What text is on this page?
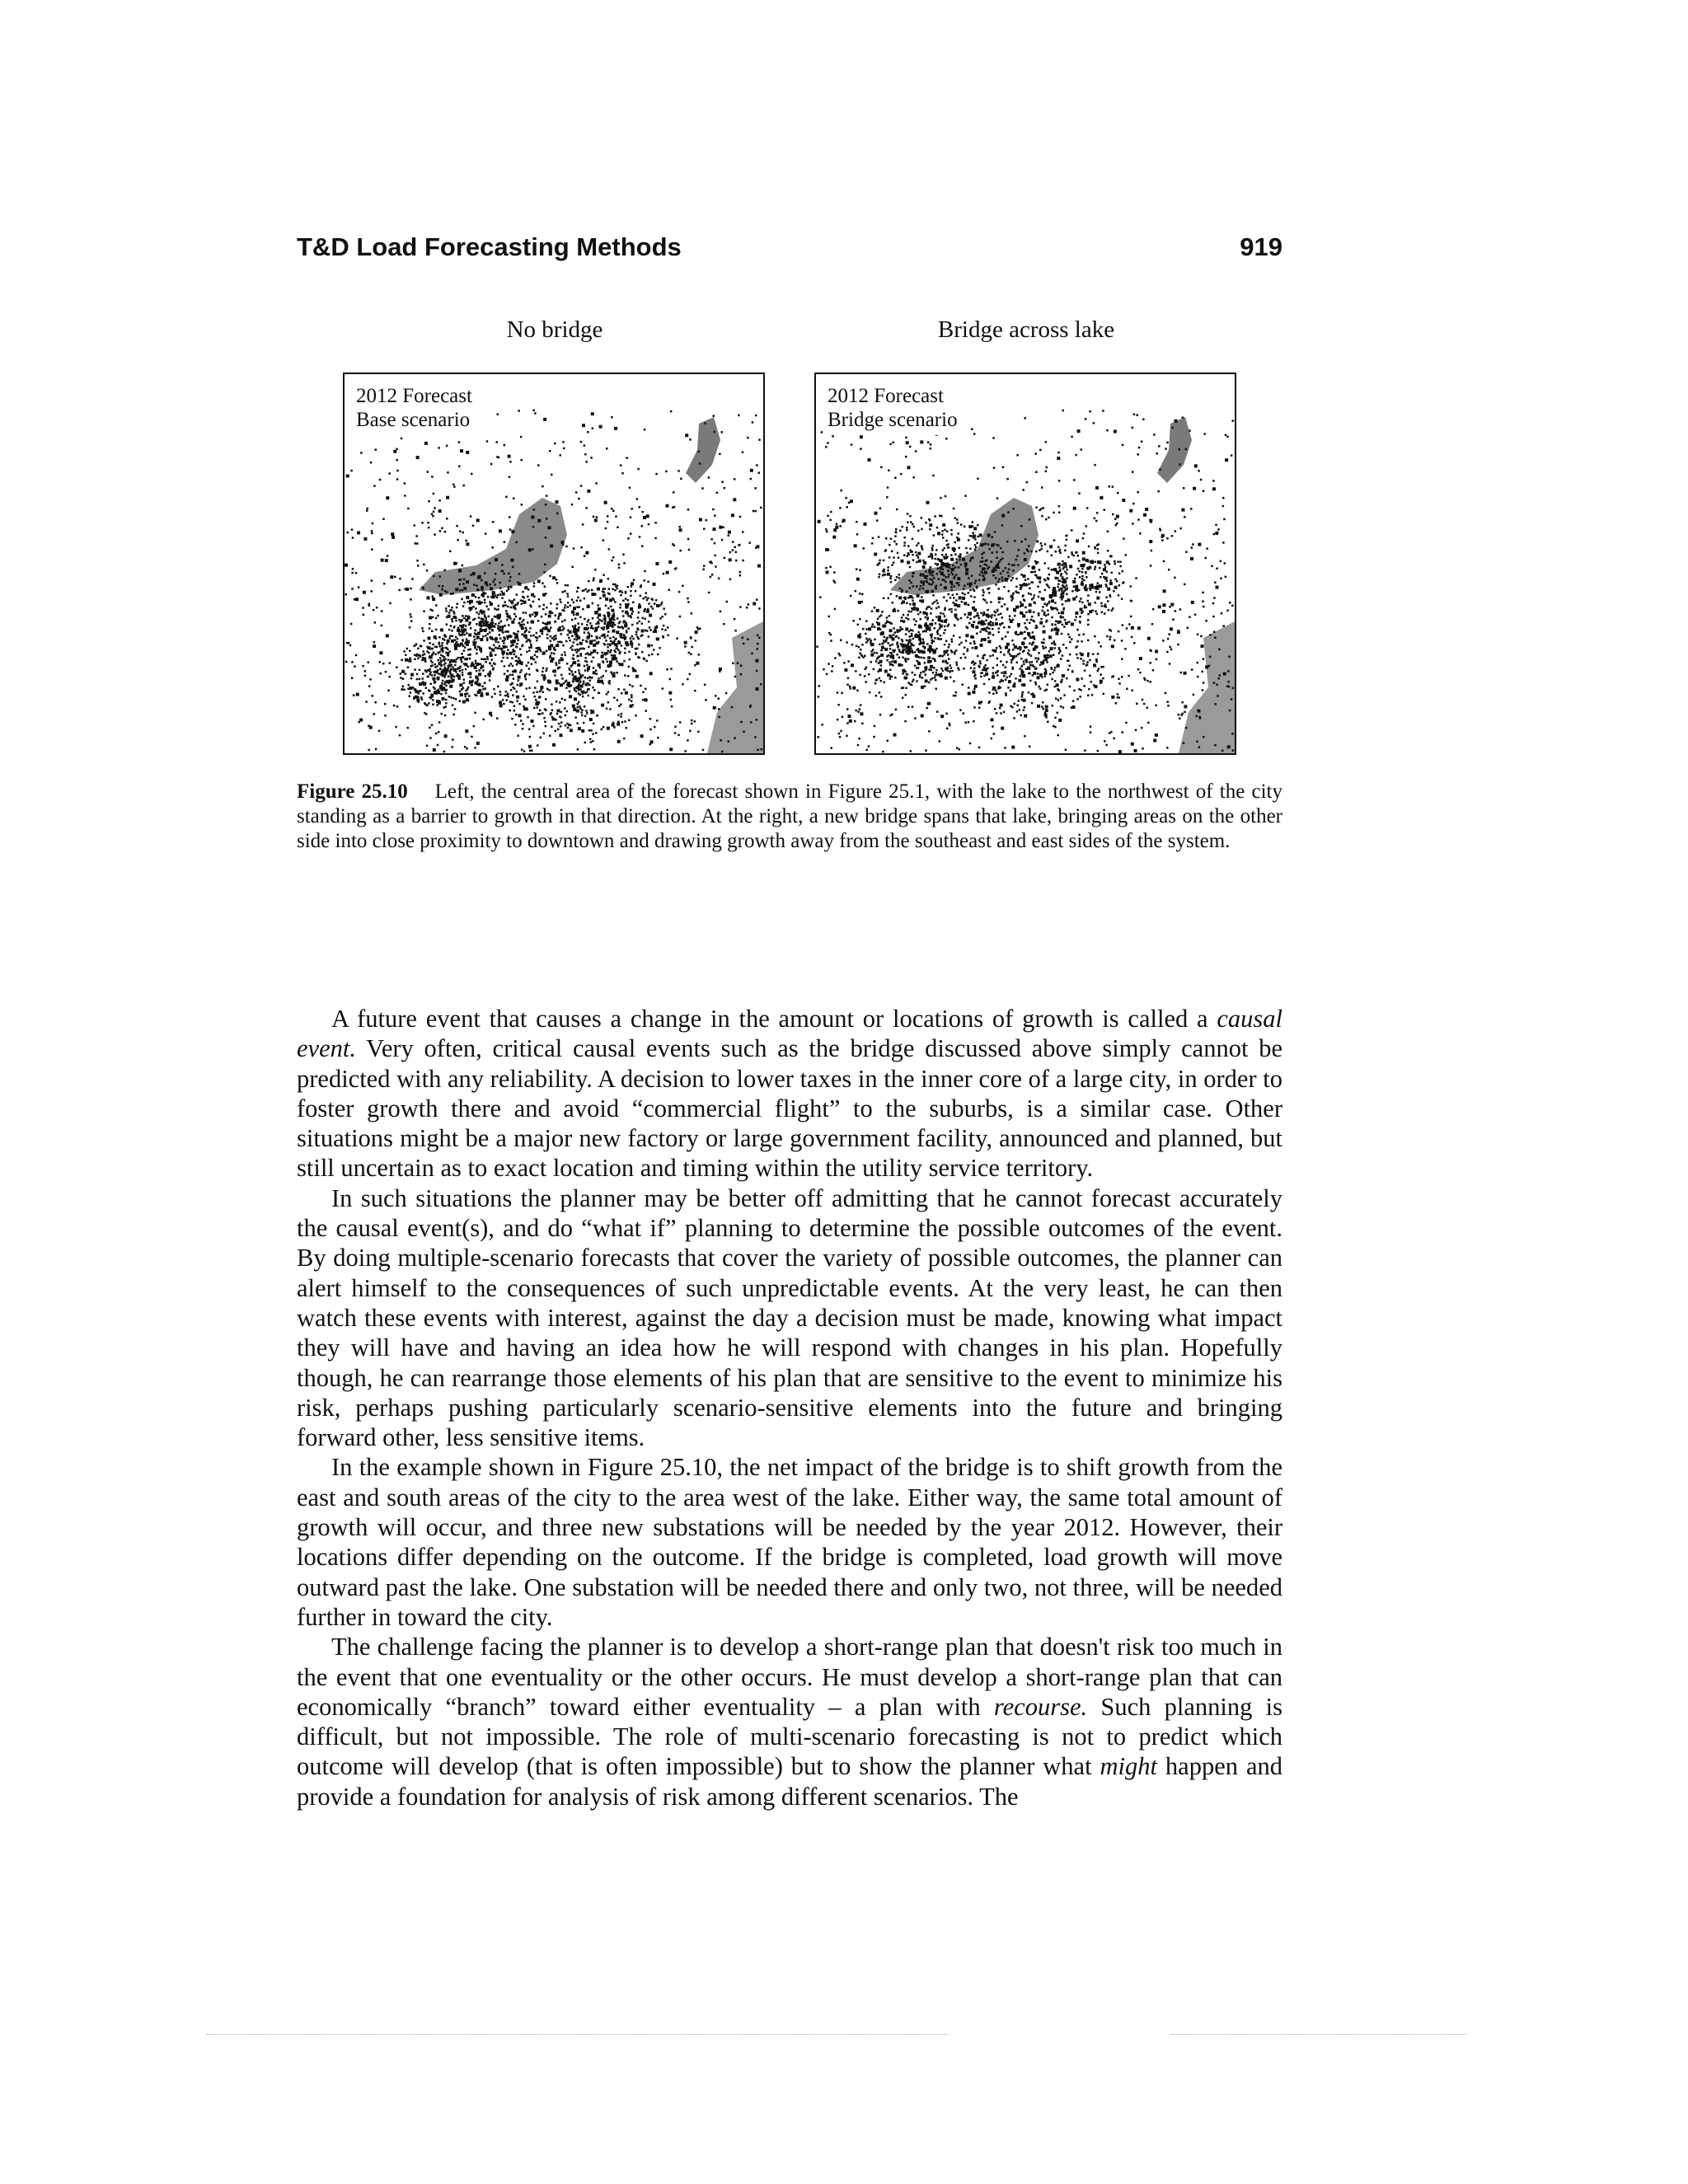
T&D Load Forecasting Methods	919
No bridge	Bridge across lake
2012 Forecast
Base scenario
2012 Forecast
Bridge scenario
Figure 25.10 Left, the central area of the forecast shown in Figure 25.1, with the lake to the northwest of the city standing as a barrier to growth in that direction. At the right, a new bridge spans that lake, bringing areas on the other side into close proximity to downtown and drawing growth away from the southeast and east sides of the system.

A future event that causes a change in the amount or locations of growth is called a causal event. Very often, critical causal events such as the bridge discussed above simply cannot be predicted with any reliability. A decision to lower taxes in the inner core of a large city, in order to foster growth there and avoid “commercial flight” to the suburbs, is a similar case. Other situations might be a major new factory or large government facility, announced and planned, but still uncertain as to exact location and timing within the utility service territory.

In such situations the planner may be better off admitting that he cannot forecast accurately the causal event(s), and do “what if” planning to determine the possible outcomes of the event. By doing multiple-scenario forecasts that cover the variety of possible outcomes, the planner can alert himself to the consequences of such unpredictable events. At the very least, he can then watch these events with interest, against the day a decision must be made, knowing what impact they will have and having an idea how he will respond with changes in his plan. Hopefully though, he can rearrange those elements of his plan that are sensitive to the event to minimize his risk, perhaps pushing particularly scenario-sensitive elements into the future and bringing forward other, less sensitive items.

In the example shown in Figure 25.10, the net impact of the bridge is to shift growth from the east and south areas of the city to the area west of the lake. Either way, the same total amount of growth will occur, and three new substations will be needed by the year 2012. However, their locations differ depending on the outcome. If the bridge is completed, load growth will move outward past the lake. One substation will be needed there and only two, not three, will be needed further in toward the city.

The challenge facing the planner is to develop a short-range plan that doesn't risk too much in the event that one eventuality or the other occurs. He must develop a short-range plan that can economically “branch” toward either eventuality – a plan with recourse. Such planning is difficult, but not impossible. The role of multi-scenario forecasting is not to predict which outcome will develop (that is often impossible) but to show the planner what might happen and provide a foundation for analysis of risk among different scenarios. The
